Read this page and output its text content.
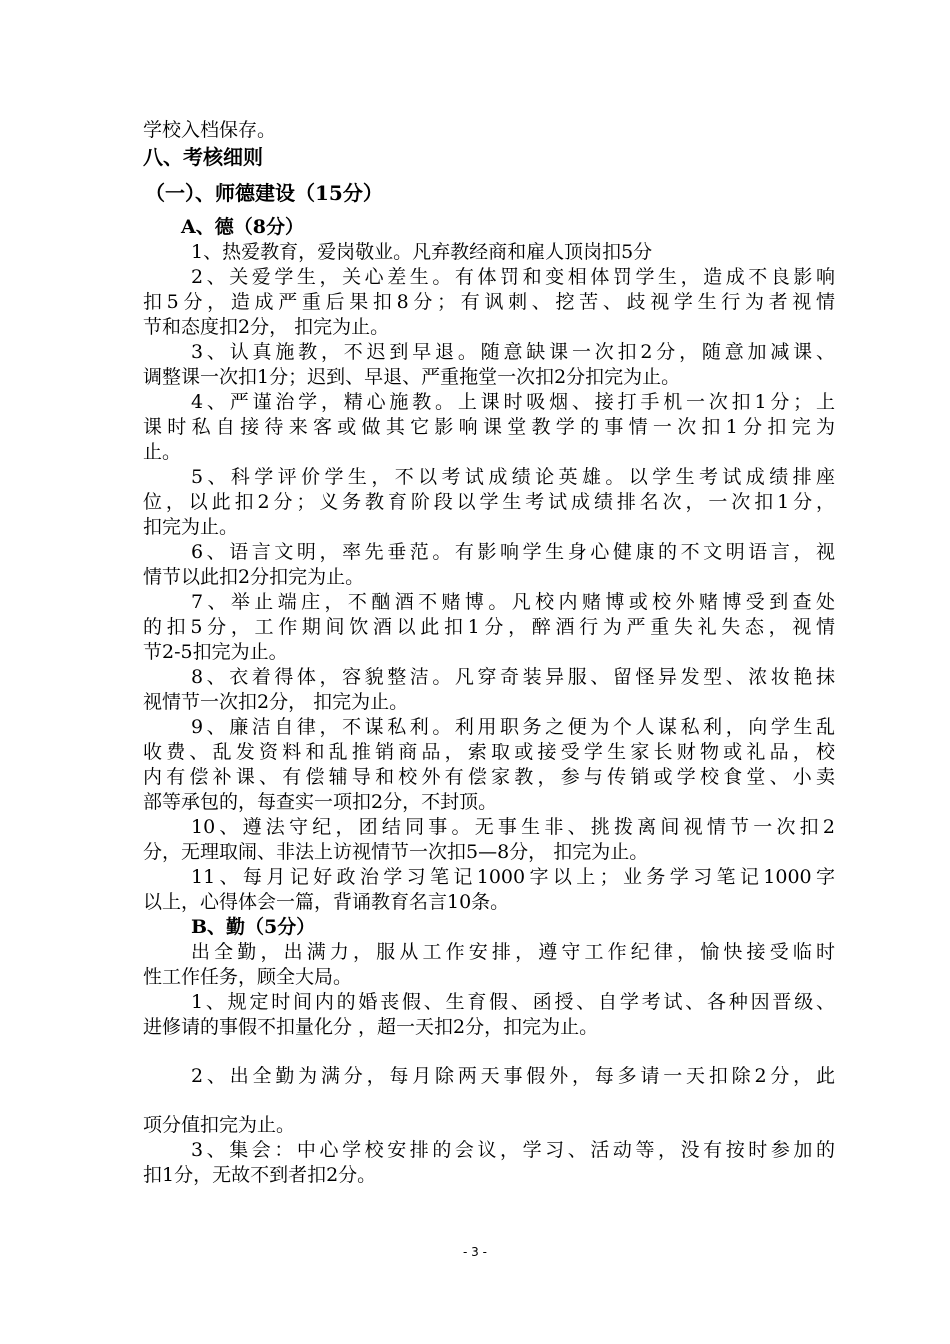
学校入档保存。

八、考核细则

（一）、师德建设（15分）

A、德（8分）

1、热爱教育，爱岗敬业。凡弃教经商和雇人顶岗扣5分

2、关爱学生，关心差生。有体罚和变相体罚学生，造成不良影响

扣5分，造成严重后果扣8分；有讽刺、挖苦、歧视学生行为者视情

节和态度扣2分， 扣完为止。

3、认真施教，不迟到早退。随意缺课一次扣2分，随意加减课、

调整课一次扣1分；迟到、早退、严重拖堂一次扣2分扣完为止。

4、严谨治学，精心施教。上课时吸烟、接打手机一次扣1分；上

课时私自接待来客或做其它影响课堂教学的事情一次扣1分扣完为

止。

5、科学评价学生，不以考试成绩论英雄。以学生考试成绩排座

位，以此扣2分；义务教育阶段以学生考试成绩排名次，一次扣1分，

扣完为止。

6、语言文明，率先垂范。有影响学生身心健康的不文明语言，视

情节以此扣2分扣完为止。

7、举止端庄，不酗酒不赌博。凡校内赌博或校外赌博受到查处

的扣5分，工作期间饮酒以此扣1分，醉酒行为严重失礼失态，视情

节2-5扣完为止。

8、衣着得体，容貌整洁。凡穿奇装异服、留怪异发型、浓妆艳抹

视情节一次扣2分， 扣完为止。

9、廉洁自律，不谋私利。利用职务之便为个人谋私利，向学生乱

收费、乱发资料和乱推销商品，索取或接受学生家长财物或礼品，校

内有偿补课、有偿辅导和校外有偿家教，参与传销或学校食堂、小卖

部等承包的，每查实一项扣2分，不封顶。

10、遵法守纪，团结同事。无事生非、挑拨离间视情节一次扣2

分，无理取闹、非法上访视情节一次扣5—8分， 扣完为止。

11、每月记好政治学习笔记1000字以上；业务学习笔记1000字

以上，心得体会一篇，背诵教育名言10条。

B、勤（5分）

出全勤，出满力，服从工作安排，遵守工作纪律，愉快接受临时

性工作任务，顾全大局。

1、规定时间内的婚丧假、生育假、函授、自学考试、各种因晋级、

进修请的事假不扣量化分 ，超一天扣2分，扣完为止。

2、出全勤为满分，每月除两天事假外，每多请一天扣除2分，此

项分值扣完为止。

3、集会：中心学校安排的会议，学习、活动等，没有按时参加的

扣1分，无故不到者扣2分。

- 3 -
